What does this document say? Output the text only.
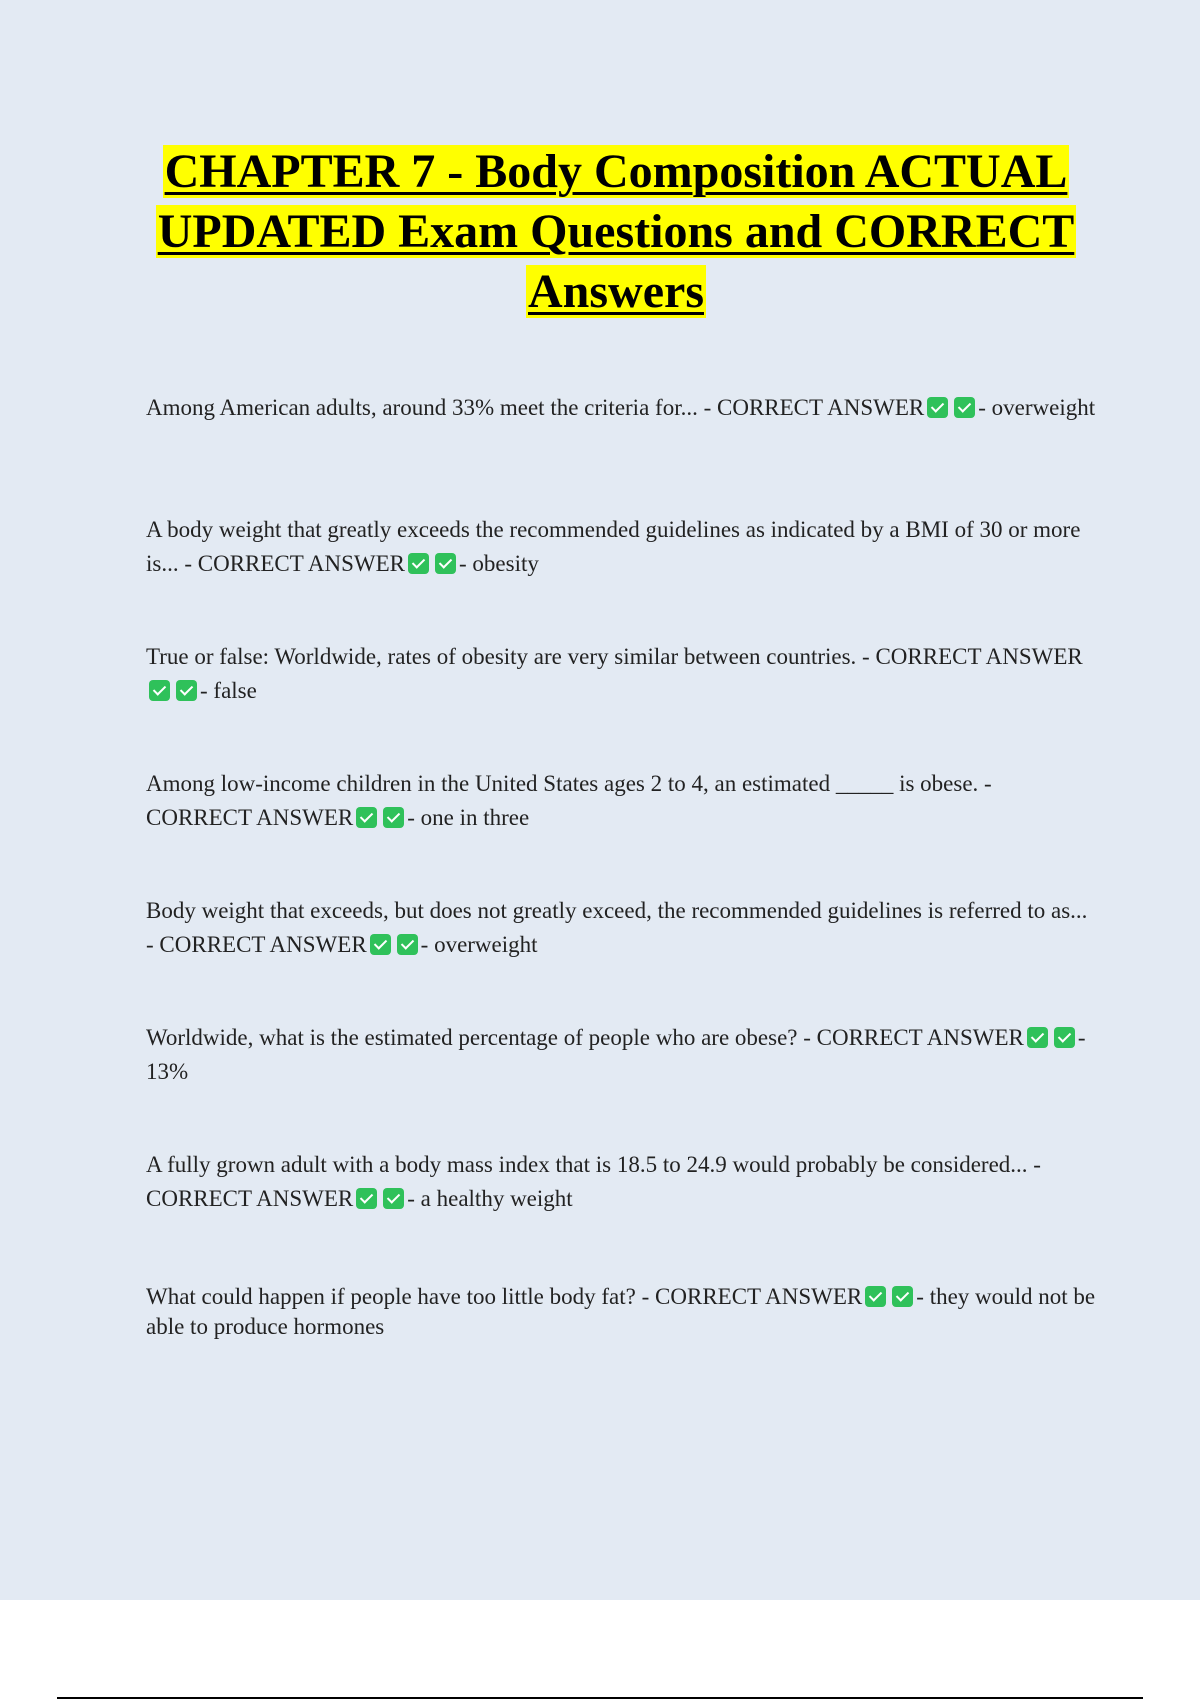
CHAPTER 7 - Body Composition ACTUAL UPDATED Exam Questions and CORRECT Answers

Among American adults, around 33% meet the criteria for... - CORRECT ANSWER - overweight

A body weight that greatly exceeds the recommended guidelines as indicated by a BMI of 30 or more is... - CORRECT ANSWER - obesity

True or false: Worldwide, rates of obesity are very similar between countries. - CORRECT ANSWER- false

Among low-income children in the United States ages 2 to 4, an estimated _____ is obese. - CORRECT ANSWER - one in three

Body weight that exceeds, but does not greatly exceed, the recommended guidelines is referred to as... - CORRECT ANSWER - overweight

Worldwide, what is the estimated percentage of people who are obese? - CORRECT ANSWER - 13%

A fully grown adult with a body mass index that is 18.5 to 24.9 would probably be considered... - CORRECT ANSWER - a healthy weight

What could happen if people have too little body fat? - CORRECT ANSWER - they would not be able to produce hormones
